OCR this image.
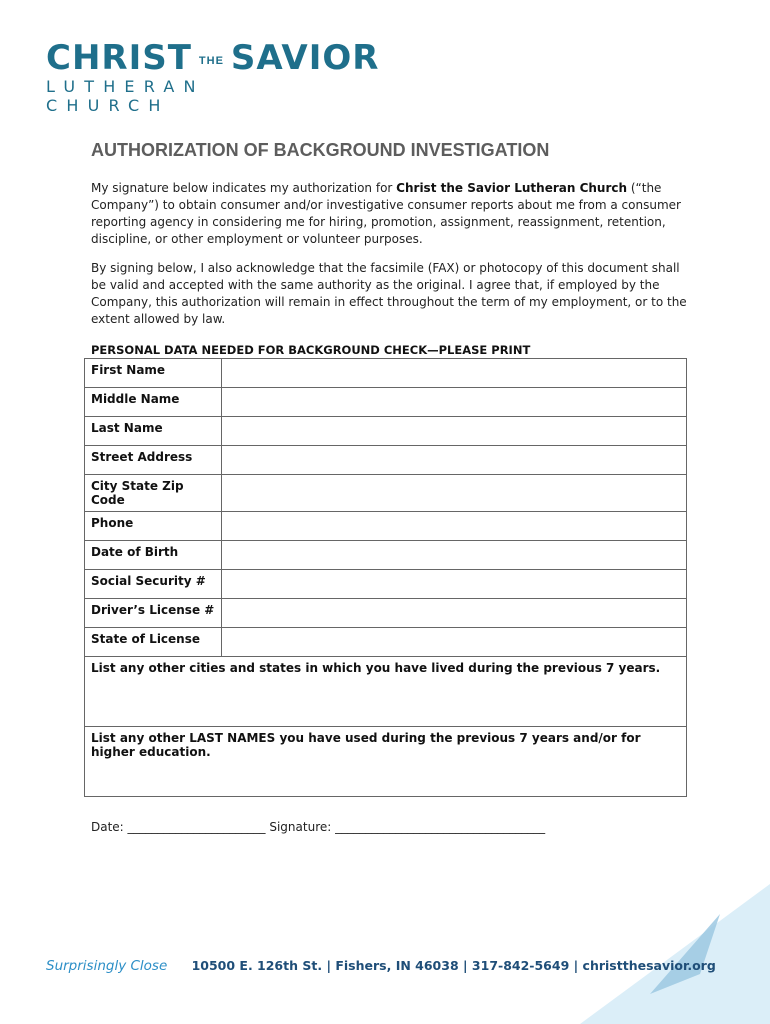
CHRIST THE SAVIOR
LUTHERAN CHURCH
AUTHORIZATION OF BACKGROUND INVESTIGATION
My signature below indicates my authorization for Christ the Savior Lutheran Church (“the Company”) to obtain consumer and/or investigative consumer reports about me from a consumer reporting agency in considering me for hiring, promotion, assignment, reassignment, retention, discipline, or other employment or volunteer purposes.
By signing below, I also acknowledge that the facsimile (FAX) or photocopy of this document shall be valid and accepted with the same authority as the original. I agree that, if employed by the Company, this authorization will remain in effect throughout the term of my employment, or to the extent allowed by law.
PERSONAL DATA NEEDED FOR BACKGROUND CHECK—PLEASE PRINT
First Name	
Middle Name	
Last Name	
Street Address	
City State Zip Code	
Phone	
Date of Birth	
Social Security #	
Driver’s License #	
State of License	
List any other cities and states in which you have lived during the previous 7 years.	
List any other LAST NAMES you have used during the previous 7 years and/or for higher education.	
Date: _______________________ Signature: ___________________________________
Surprisingly Close 10500 E. 126th St. | Fishers, IN 46038 | 317-842-5649 | christthesavior.org
